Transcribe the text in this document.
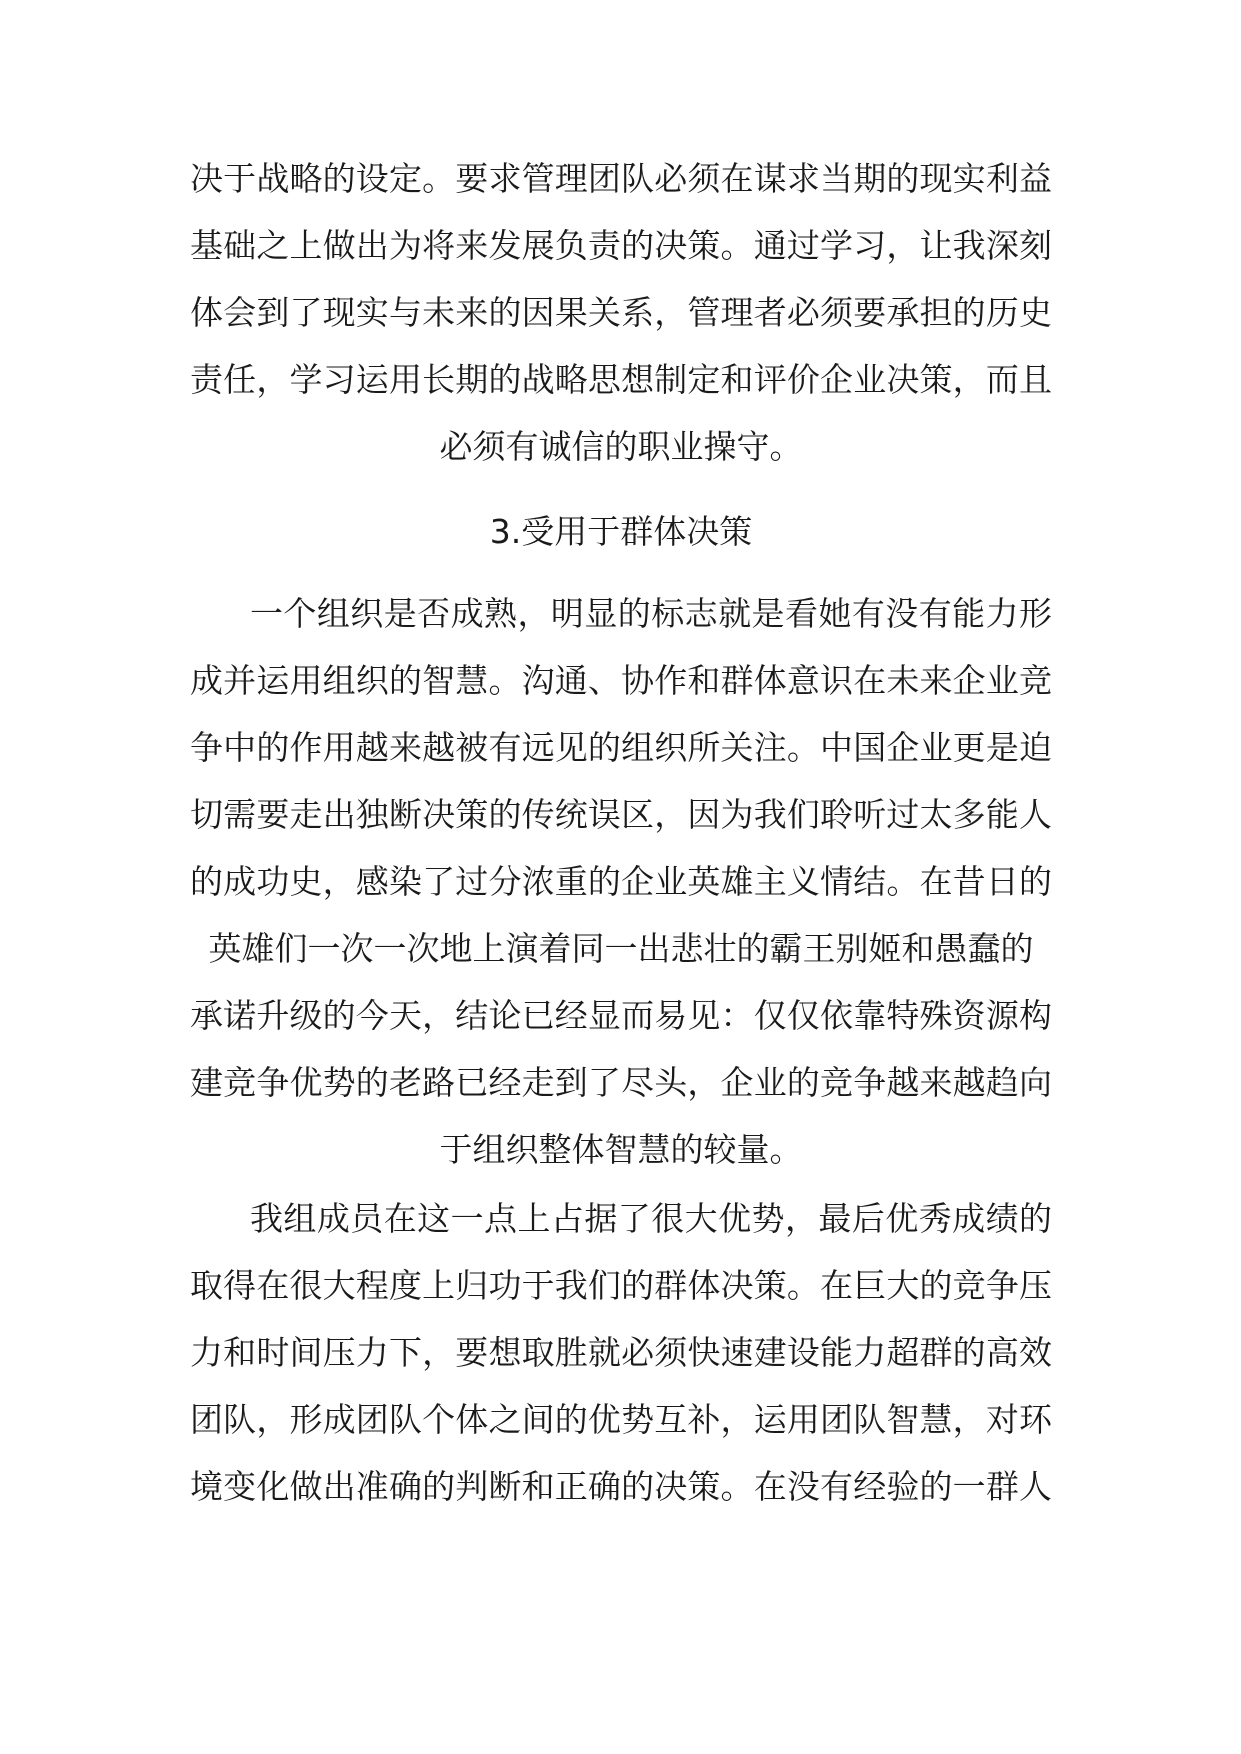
决于战略的设定。要求管理团队必须在谋求当期的现实利益
基础之上做出为将来发展负责的决策。通过学习，让我深刻
体会到了现实与未来的因果关系，管理者必须要承担的历史
责任，学习运用长期的战略思想制定和评价企业决策，而且
必须有诚信的职业操守。
3.受用于群体决策
一个组织是否成熟，明显的标志就是看她有没有能力形
成并运用组织的智慧。沟通、协作和群体意识在未来企业竞
争中的作用越来越被有远见的组织所关注。中国企业更是迫
切需要走出独断决策的传统误区，因为我们聆听过太多能人
的成功史，感染了过分浓重的企业英雄主义情结。在昔日的
英雄们一次一次地上演着同一出悲壮的霸王别姬和愚蠢的
承诺升级的今天，结论已经显而易见：仅仅依靠特殊资源构
建竞争优势的老路已经走到了尽头，企业的竞争越来越趋向
于组织整体智慧的较量。
我组成员在这一点上占据了很大优势，最后优秀成绩的
取得在很大程度上归功于我们的群体决策。在巨大的竞争压
力和时间压力下，要想取胜就必须快速建设能力超群的高效
团队，形成团队个体之间的优势互补，运用团队智慧，对环
境变化做出准确的判断和正确的决策。在没有经验的一群人
